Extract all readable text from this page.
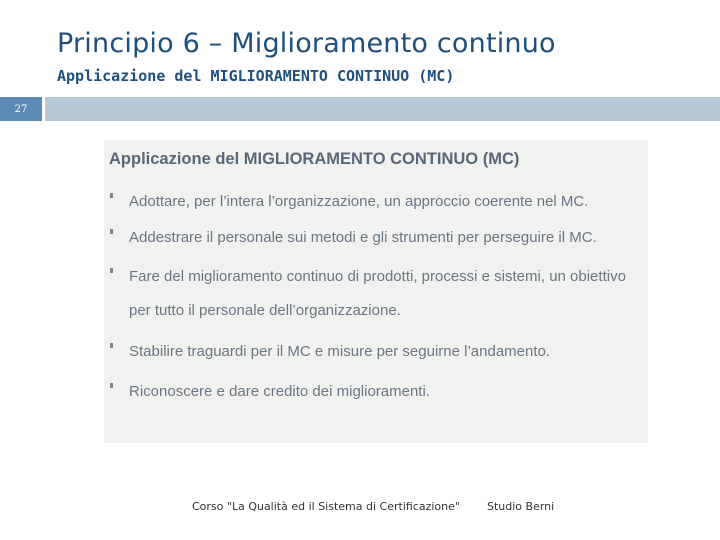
Principio 6 – Miglioramento continuo
Applicazione del MIGLIORAMENTO CONTINUO (MC)
27
Applicazione del MIGLIORAMENTO CONTINUO (MC)
Adottare, per l’intera l’organizzazione, un approccio coerente nel MC.
Addestrare il personale sui metodi e gli strumenti per perseguire il MC.
Fare del miglioramento continuo di prodotti, processi e sistemi, un obiettivo
per tutto il personale dell’organizzazione.
Stabilire traguardi per il MC e misure per seguirne l’andamento.
Riconoscere e dare credito dei miglioramenti.
Corso "La Qualità ed il Sistema di Certificazione" Studio Berni
